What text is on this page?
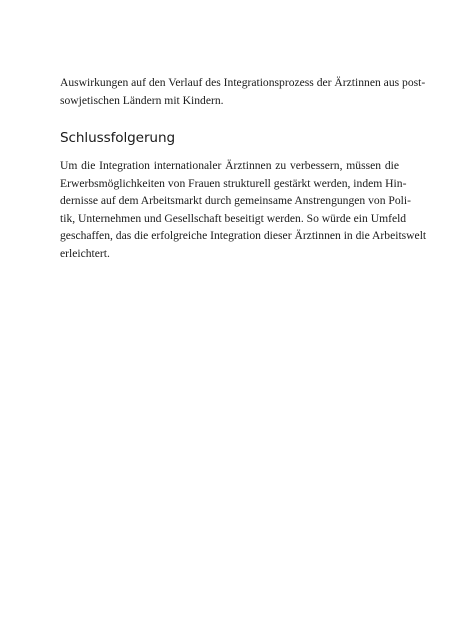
Auswirkungen auf den Verlauf des Integrationsprozess der Ärztinnen aus post-
sowjetischen Ländern mit Kindern.

Schlussfolgerung

Um die Integration internationaler Ärztinnen zu verbessern, müssen die
Erwerbsmöglichkeiten von Frauen strukturell gestärkt werden, indem Hin-
dernisse auf dem Arbeitsmarkt durch gemeinsame Anstrengungen von Poli-
tik, Unternehmen und Gesellschaft beseitigt werden. So würde ein Umfeld
geschaffen, das die erfolgreiche Integration dieser Ärztinnen in die Arbeitswelt
erleichtert.
